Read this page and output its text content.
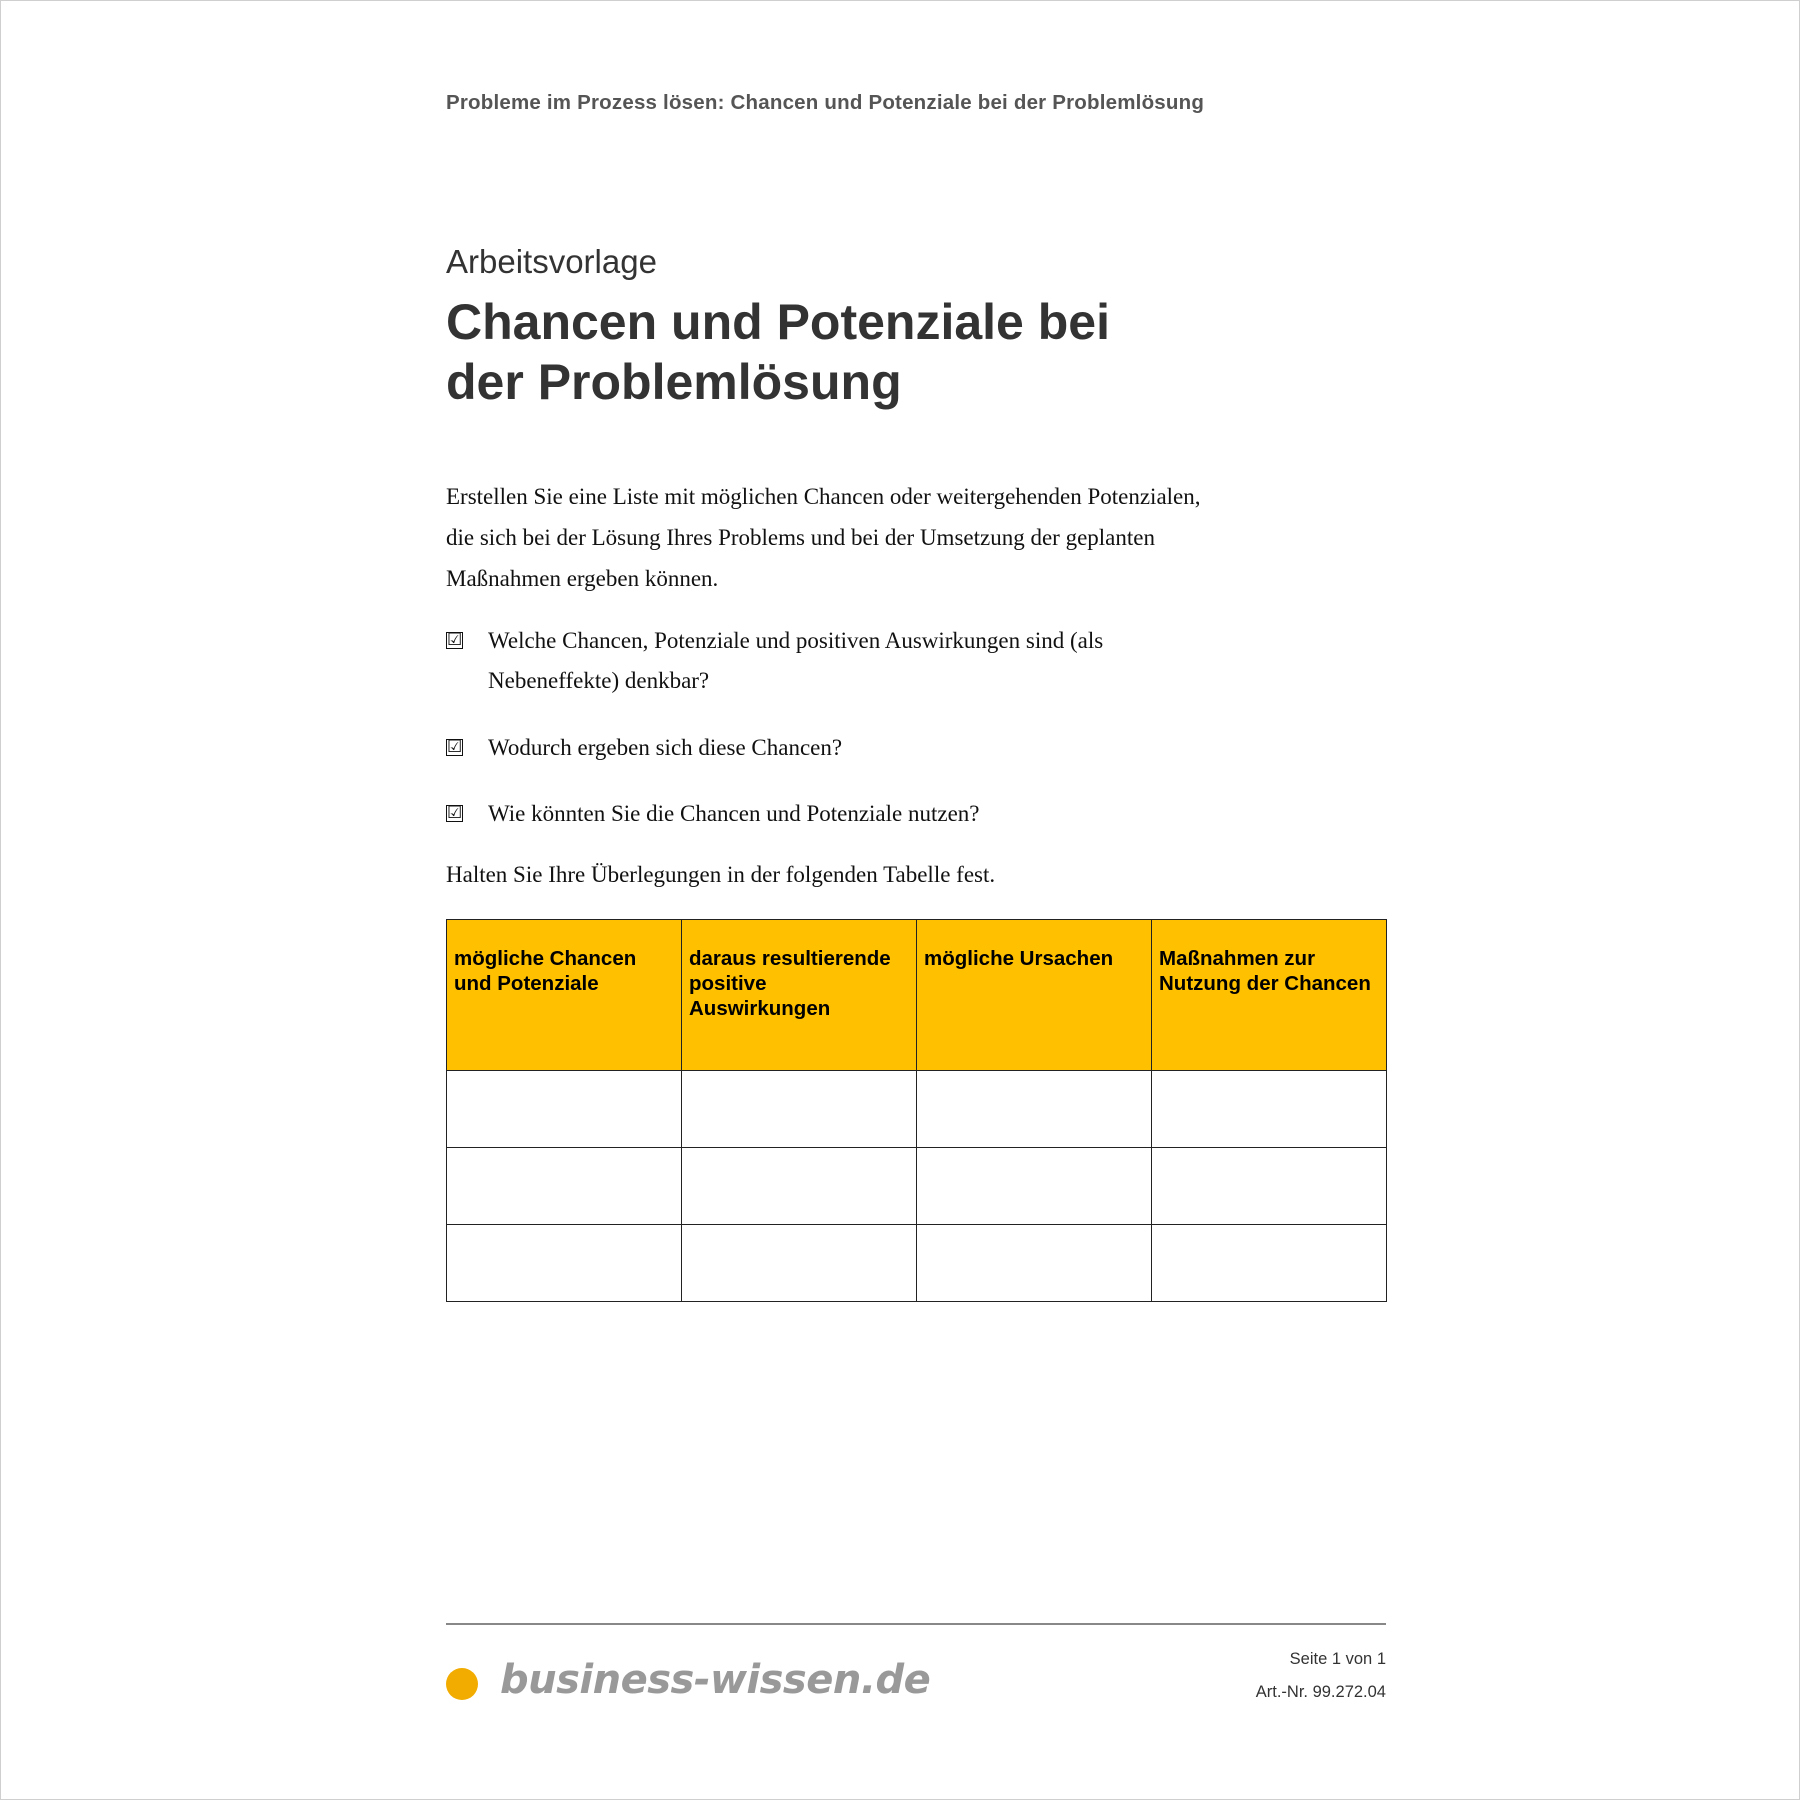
Probleme im Prozess lösen: Chancen und Potenziale bei der Problemlösung
Arbeitsvorlage
Chancen und Potenziale bei
der Problemlösung
Erstellen Sie eine Liste mit möglichen Chancen oder weitergehenden Potenzialen, die sich bei der Lösung Ihres Problems und bei der Umsetzung der geplanten Maßnahmen ergeben können.
☑ Welche Chancen, Potenziale und positiven Auswirkungen sind (als Nebeneffekte) denkbar?
☑ Wodurch ergeben sich diese Chancen?
☑ Wie könnten Sie die Chancen und Potenziale nutzen?
Halten Sie Ihre Überlegungen in der folgenden Tabelle fest.
mögliche Chancen und Potenziale	daraus resultierende positive Auswirkungen	mögliche Ursachen	Maßnahmen zur Nutzung der Chancen

business-wissen.de	Seite 1 von 1
Art.-Nr. 99.272.04
